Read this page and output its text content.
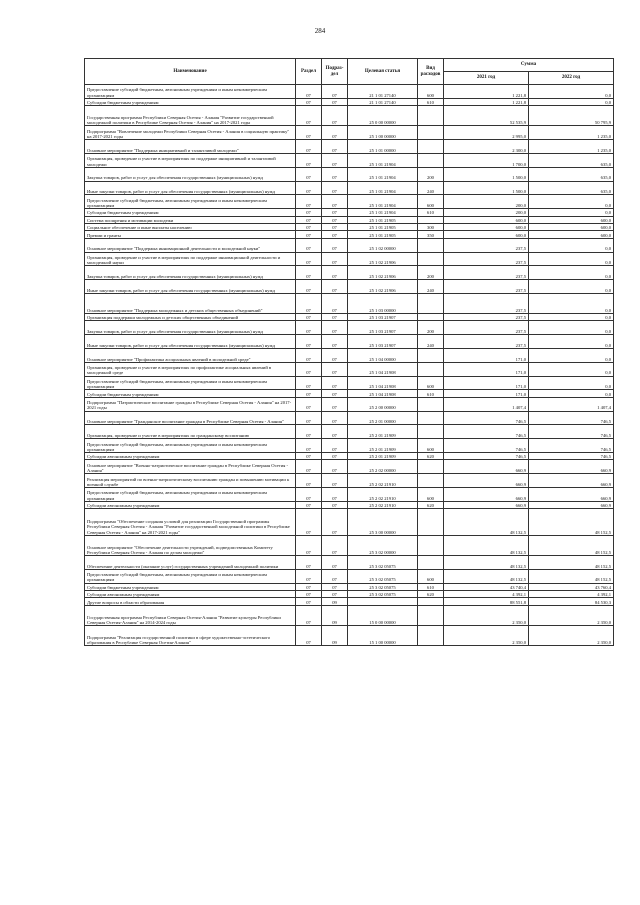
284
Наименование	Раздел	Подраз- дел	Целевая статья	Вид расходов	Сумма	
					2021 год	2022 год
Предоставление субсидий бюджетным, автономным учреждениям и иным некоммерческим организациям	07	07	21 1 01 27140	600	1 221,8	0,0
Субсидии бюджетным учреждениям	07	07	21 1 01 27140	610	1 221,8	0,0
Государственная программа Республики Северная Осетия - Алания "Развитие государственной молодежной политики в Республике Северная Осетия - Алания" на 2017-2021 годы	07	07	25 0 00 00000		52 535,9	50 795,9
Подпрограмма "Вовлечение молодежи Республики Северная Осетия - Алания в социальную практику" на 2017-2021 годы	07	07	25 1 00 00000		2 995,0	1 235,0
Основное мероприятие "Поддержка инициативной и талантливой молодежи"	07	07	25 1 01 00000		2 300,0	1 235,0
Организация, проведение и участие в мероприятиях по поддержке инициативной и талантливой молодежи	07	07	25 1 01 21904		1 700,0	635,0
Закупка товаров, работ и услуг для обеспечения государственных (муниципальных) нужд	07	07	25 1 01 21904	200	1 500,0	635,0
Иные закупки товаров, работ и услуг для обеспечения государственных (муниципальных) нужд	07	07	25 1 01 21904	240	1 500,0	635,0
Предоставление субсидий бюджетным, автономным учреждениям и иным некоммерческим организациям	07	07	25 1 01 21904	600	200,0	0,0
Субсидии бюджетным учреждениям	07	07	25 1 01 21904	610	200,0	0,0
Система поощрения и мотивации молодежи	07	07	25 1 01 21905		600,0	600,0
Социальное обеспечение и иные выплаты населению	07	07	25 1 01 21905	300	600,0	600,0
Премии и гранты	07	07	25 1 01 21905	350	600,0	600,0
Основное мероприятие "Поддержка инновационной деятельности и молодежной науки"	07	07	25 1 02 00000		237,5	0,0
Организация, проведение и участие в мероприятиях по поддержке инновационной деятельности и молодежной науки	07	07	25 1 02 21906		237,5	0,0
Закупка товаров, работ и услуг для обеспечения государственных (муниципальных) нужд	07	07	25 1 02 21906	200	237,5	0,0
Иные закупки товаров, работ и услуг для обеспечения государственных (муниципальных) нужд	07	07	25 1 02 21906	240	237,5	0,0
Основное мероприятие "Поддержка молодежных и детских общественных объединений"	07	07	25 1 03 00000		237,5	0,0
Организация поддержки молодежных и детских общественных объединений	07	07	25 1 03 21907		237,5	0,0
Закупка товаров, работ и услуг для обеспечения государственных (муниципальных) нужд	07	07	25 1 03 21907	200	237,5	0,0
Иные закупки товаров, работ и услуг для обеспечения государственных (муниципальных) нужд	07	07	25 1 03 21907	240	237,5	0,0
Основное мероприятие "Профилактика асоциальных явлений в молодежной среде"	07	07	25 1 04 00000		171,0	0,0
Организация, проведение и участие в мероприятиях по профилактике асоциальных явлений в молодежной среде	07	07	25 1 04 21908		171,0	0,0
Предоставление субсидий бюджетным, автономным учреждениям и иным некоммерческим организациям	07	07	25 1 04 21908	600	171,0	0,0
Субсидии бюджетным учреждениям	07	07	25 1 04 21908	610	171,0	0,0
Подпрограмма "Патриотическое воспитание граждан в Республике Северная Осетия - Алания" на 2017-2021 годы	07	07	25 2 00 00000		1 407,4	1 407,4
Основное мероприятие "Гражданское воспитание граждан в Республике Северная Осетия - Алания"	07	07	25 2 01 00000		746,5	746,5
Организация, проведение и участие в мероприятиях по гражданскому воспитанию	07	07	25 2 01 21909		746,5	746,5
Предоставление субсидий бюджетным, автономным учреждениям и иным некоммерческим организациям	07	07	25 2 01 21909	600	746,5	746,5
Субсидии автономным учреждениям	07	07	25 2 01 21909	620	746,5	746,5
Основное мероприятие "Военно-патриотическое воспитание граждан в Республике Северная Осетия - Алания"	07	07	25 2 02 00000		660,9	660,9
Реализация мероприятий по военно-патриотическому воспитанию граждан и повышению мотивации к военной службе	07	07	25 2 02 21910		660,9	660,9
Предоставление субсидий бюджетным, автономным учреждениям и иным некоммерческим организациям	07	07	25 2 02 21910	600	660,9	660,9
Субсидии автономным учреждениям	07	07	25 2 02 21910	620	660,9	660,9
Подпрограмма "Обеспечение создания условий для реализации Государственной программы Республики Северная Осетия - Алания "Развитие государственной молодежной политики в Республике Северная Осетия - Алания" на 2017-2021 годы"	07	07	25 3 00 00000		48 132,5	48 152,5
Основное мероприятие "Обеспечение деятельности учреждений, подведомственных Комитету Республики Северная Осетия - Алания по делам молодежи"	07	07	25 3 02 00000		48 132,5	48 152,5
Обеспечение деятельности (оказание услуг) государственных учреждений молодежной политики	07	07	25 3 02 05075		48 132,5	48 152,5
Предоставление субсидий бюджетным, автономным учреждениям и иным некоммерческим организациям	07	07	25 3 02 05075	600	48 132,5	48 152,5
Субсидии бюджетным учреждениям	07	07	25 3 02 05075	610	43 740,4	43 760,4
Субсидии автономным учреждениям	07	07	25 3 02 05075	620	4 392,1	4 392,1
Другие вопросы в области образования	07	09			88 551,8	84 530,3
Государственная программа Республики Северная Осетия-Алания "Развитие культуры Республики Северная Осетия-Алания" на 2014-2024 годы	07	09	15 0 00 00000		2 350,0	2 350,0
Подпрограмма "Реализация государственной политики в сфере художественно-эстетического образования в Республике Северная Осетия-Алания"	07	09	15 1 00 00000		2 350,0	2 350,0
